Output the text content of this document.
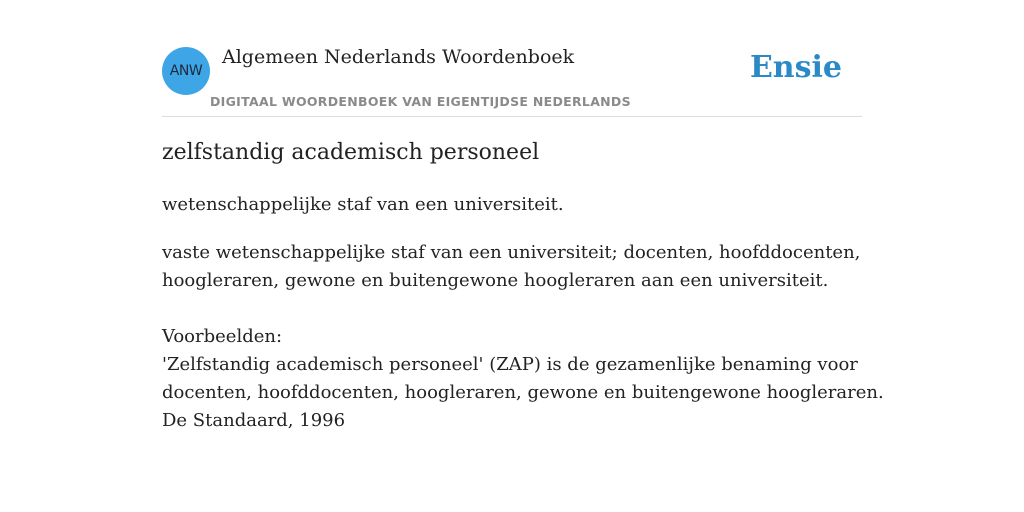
ANW
Algemeen Nederlands Woordenboek
DIGITAAL WOORDENBOEK VAN EIGENTIJDSE NEDERLANDS
Ensie
zelfstandig academisch personeel
wetenschappelijke staf van een universiteit.
vaste wetenschappelijke staf van een universiteit; docenten, hoofddocenten,
hoogleraren, gewone en buitengewone hoogleraren aan een universiteit.
Voorbeelden:
'Zelfstandig academisch personeel' (ZAP) is de gezamenlijke benaming voor
docenten, hoofddocenten, hoogleraren, gewone en buitengewone hoogleraren.
De Standaard, 1996
